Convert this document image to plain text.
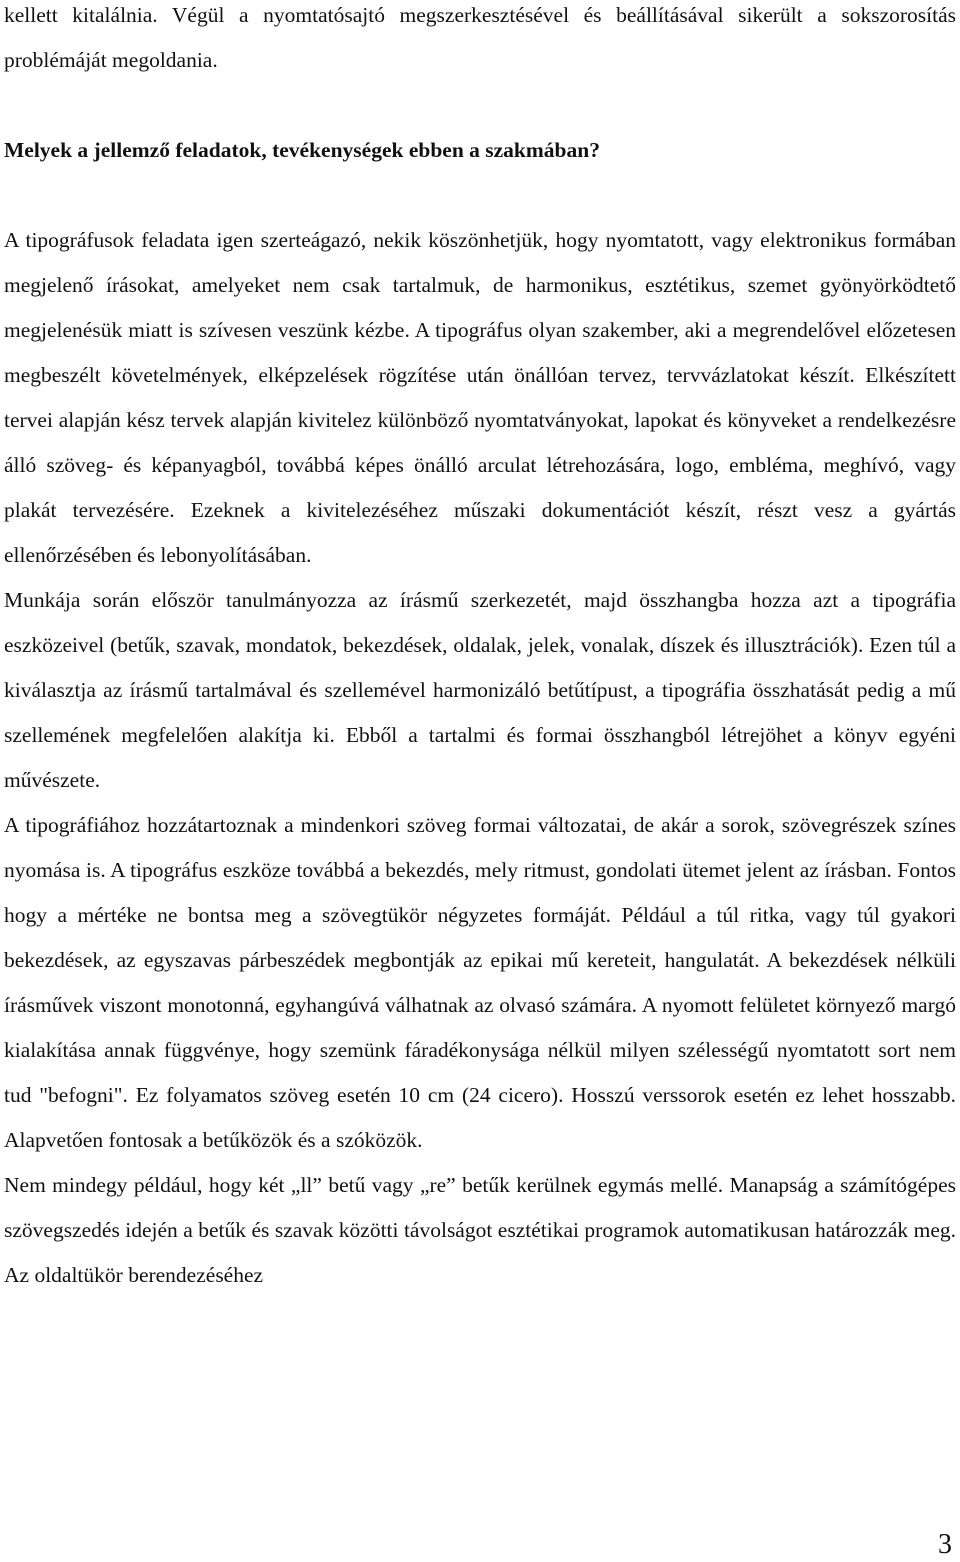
kellett kitalálnia. Végül a nyomtatósajtó megszerkesztésével és beállításával sikerült a sokszorosítás problémáját megoldania.

Melyek a jellemző feladatok, tevékenységek ebben a szakmában?

A tipográfusok feladata igen szerteágazó, nekik köszönhetjük, hogy nyomtatott, vagy elektronikus formában megjelenő írásokat, amelyeket nem csak tartalmuk, de harmonikus, esztétikus, szemet gyönyörködtető megjelenésük miatt is szívesen veszünk kézbe. A tipográfus olyan szakember, aki a megrendelővel előzetesen megbeszélt követelmények, elképzelések rögzítése után önállóan tervez, tervvázlatokat készít. Elkészített tervei alapján kész tervek alapján kivitelez különböző nyomtatványokat, lapokat és könyveket a rendelkezésre álló szöveg- és képanyagból, továbbá képes önálló arculat létrehozására, logo, embléma, meghívó, vagy plakát tervezésére. Ezeknek a kivitelezéséhez műszaki dokumentációt készít, részt vesz a gyártás ellenőrzésében és lebonyolításában.

Munkája során először tanulmányozza az írásmű szerkezetét, majd összhangba hozza azt a tipográfia eszközeivel (betűk, szavak, mondatok, bekezdések, oldalak, jelek, vonalak, díszek és illusztrációk). Ezen túl a kiválasztja az írásmű tartalmával és szellemével harmonizáló betűtípust, a tipográfia összhatását pedig a mű szellemének megfelelően alakítja ki. Ebből a tartalmi és formai összhangból létrejöhet a könyv egyéni művészete.

A tipográfiához hozzátartoznak a mindenkori szöveg formai változatai, de akár a sorok, szövegrészek színes nyomása is. A tipográfus eszköze továbbá a bekezdés, mely ritmust, gondolati ütemet jelent az írásban. Fontos hogy a mértéke ne bontsa meg a szövegtükör négyzetes formáját. Például a túl ritka, vagy túl gyakori bekezdések, az egyszavas párbeszédek megbontják az epikai mű kereteit, hangulatát. A bekezdések nélküli írásművek viszont monotonná, egyhangúvá válhatnak az olvasó számára. A nyomott felületet környező margó kialakítása annak függvénye, hogy szemünk fáradékonysága nélkül milyen szélességű nyomtatott sort nem tud "befogni". Ez folyamatos szöveg esetén 10 cm (24 cicero). Hosszú verssorok esetén ez lehet hosszabb. Alapvetően fontosak a betűközök és a szóközök.

Nem mindegy például, hogy két „ll” betű vagy „re” betűk kerülnek egymás mellé. Manapság a számítógépes szövegszedés idején a betűk és szavak közötti távolságot esztétikai programok automatikusan határozzák meg. Az oldaltükör berendezéséhez

3
